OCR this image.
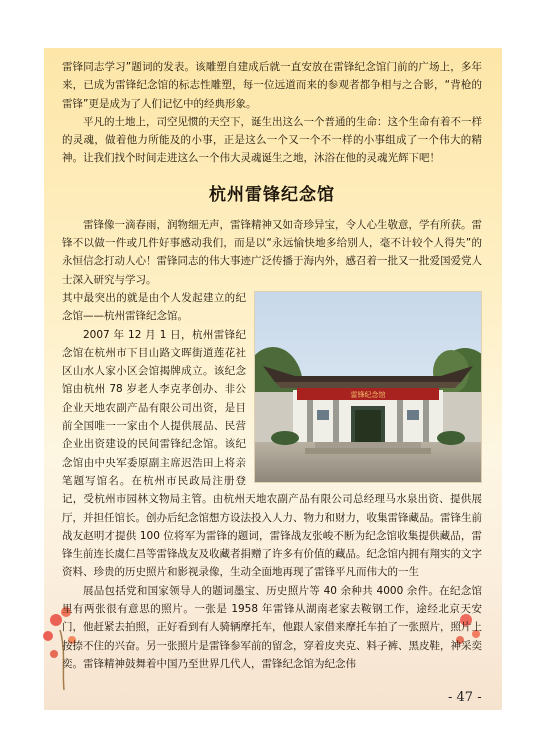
雷锋同志学习”题词的发表。该雕塑自建成后就一直安放在雷锋纪念馆门前的广场上，多年来，已成为雷锋纪念馆的标志性雕塑，每一位远道而来的参观者都争相与之合影，“背枪的雷锋”更是成为了人们记忆中的经典形象。

平凡的土地上，司空见惯的天空下，诞生出这么一个普通的生命：这个生命有着不一样的灵魂，做着他力所能及的小事，正是这么一个又一个不一样的小事组成了一个伟大的精神。让我们找个时间走进这么一个伟大灵魂诞生之地，沐浴在他的灵魂光辉下吧！

杭州雷锋纪念馆

雷锋像一滴春雨，润物细无声，雷锋精神又如奇珍异宝，令人心生敬意，学有所获。雷锋不以做一件或几件好事感动我们，而是以“永远愉快地多给别人，毫不计较个人得失”的永恒信念打动人心！雷锋同志的伟大事迹广泛传播于海内外，感召着一批又一批爱国爱党人士深入研究与学习。

雷锋纪念馆

其中最突出的就是由个人发起建立的纪念馆——杭州雷锋纪念馆。

2007 年 12 月 1 日，杭州雷锋纪念馆在杭州市下目山路文晖街道莲花社区山水人家小区会馆揭牌成立。该纪念馆由杭州 78 岁老人李克孝创办、非公企业天地农副产品有限公司出资，是目前全国唯一一家由个人提供展品、民营企业出资建设的民间雷锋纪念馆。该纪念馆由中央军委原副主席迟浩田上将亲笔题写馆名。在杭州市民政局注册登记，受杭州市园林文物局主管。由杭州天地农副产品有限公司总经理马水泉出资、提供展厅，并担任馆长。创办后纪念馆想方设法投入人力、物力和财力，收集雷锋藏品。雷锋生前战友赵明才提供 100 位将军为雷锋的题词，雷锋战友张峻不断为纪念馆收集提供藏品，雷锋生前连长虞仁昌等雷锋战友及收藏者捐赠了许多有价值的藏品。纪念馆内拥有翔实的文字资料、珍贵的历史照片和影视录像，生动全面地再现了雷锋平凡而伟大的一生

展品包括党和国家领导人的题词墨宝、历史照片等 40 余种共 4000 余件。在纪念馆里有两张很有意思的照片。一张是 1958 年雷锋从湖南老家去鞍钢工作，途经北京天安门，他赶紧去拍照，正好看到有人骑辆摩托车，他跟人家借来摩托车拍了一张照片，照片上按捺不住的兴奋。另一张照片是雷锋参军前的留念，穿着皮夹克、料子裤、黑皮鞋，神采奕奕。雷锋精神鼓舞着中国乃至世界几代人，雷锋纪念馆为纪念伟

- 47 -
